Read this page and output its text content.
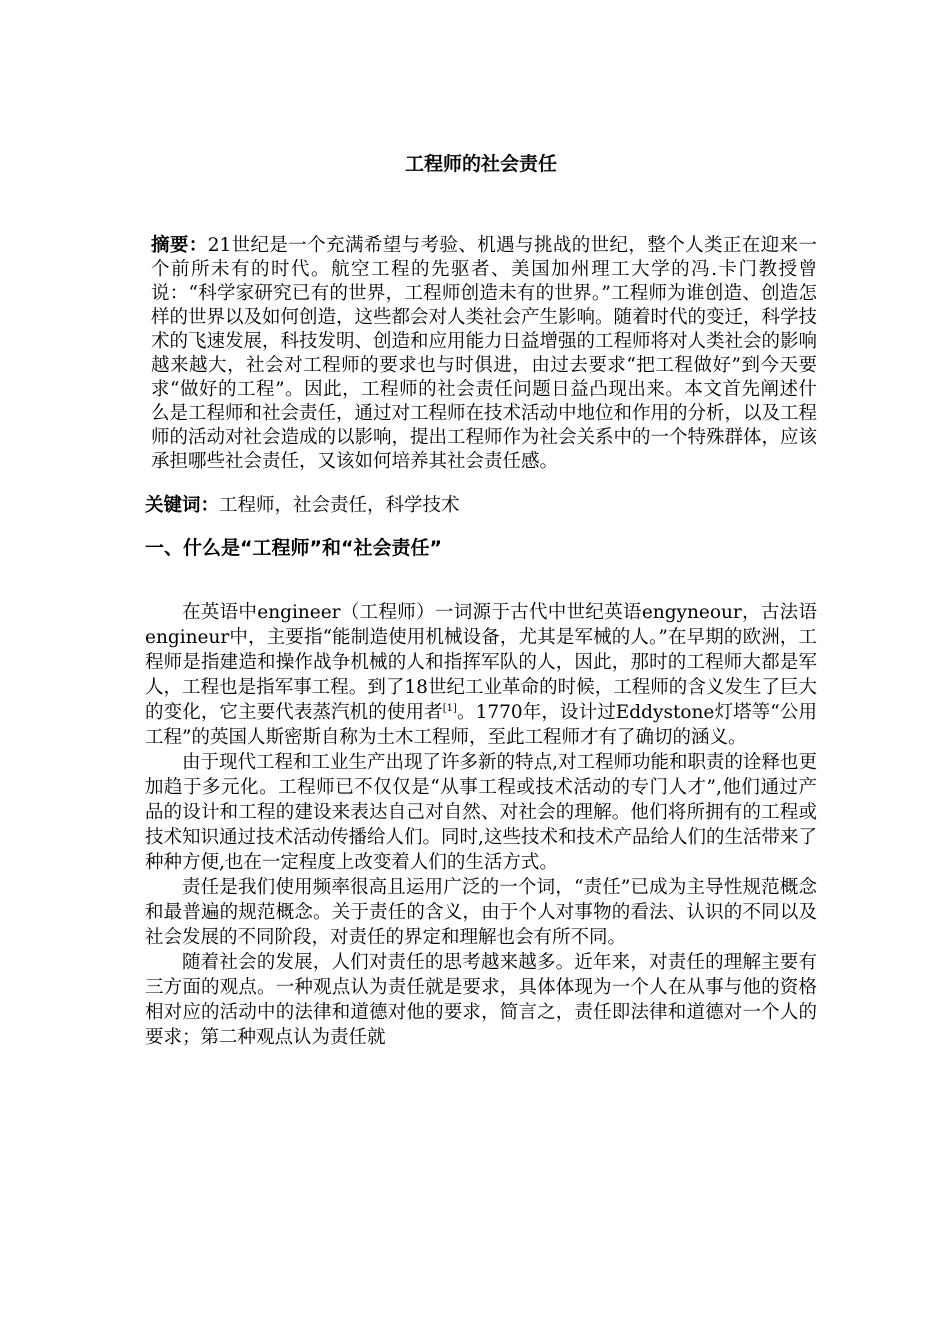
工程师的社会责任

摘要：21世纪是一个充满希望与考验、机遇与挑战的世纪，整个人类正在迎来一个前所未有的时代。航空工程的先驱者、美国加州理工大学的冯.卡门教授曾说：“科学家研究已有的世界，工程师创造未有的世界。”工程师为谁创造、创造怎样的世界以及如何创造，这些都会对人类社会产生影响。随着时代的变迁，科学技术的飞速发展，科技发明、创造和应用能力日益增强的工程师将对人类社会的影响越来越大，社会对工程师的要求也与时俱进，由过去要求“把工程做好”到今天要求“做好的工程”。因此，工程师的社会责任问题日益凸现出来。本文首先阐述什么是工程师和社会责任，通过对工程师在技术活动中地位和作用的分析，以及工程师的活动对社会造成的以影响，提出工程师作为社会关系中的一个特殊群体，应该承担哪些社会责任，又该如何培养其社会责任感。

关键词：工程师，社会责任，科学技术

一、什么是“工程师”和“社会责任”

在英语中engineer（工程师）一词源于古代中世纪英语engyneour，古法语engineur中，主要指“能制造使用机械设备，尤其是军械的人。”在早期的欧洲，工程师是指建造和操作战争机械的人和指挥军队的人，因此，那时的工程师大都是军人，工程也是指军事工程。到了18世纪工业革命的时候，工程师的含义发生了巨大的变化，它主要代表蒸汽机的使用者[1]。1770年，设计过Eddystone灯塔等“公用工程”的英国人斯密斯自称为土木工程师，至此工程师才有了确切的涵义。

由于现代工程和工业生产出现了许多新的特点,对工程师功能和职责的诠释也更加趋于多元化。工程师已不仅仅是“从事工程或技术活动的专门人才”,他们通过产品的设计和工程的建设来表达自己对自然、对社会的理解。他们将所拥有的工程或技术知识通过技术活动传播给人们。同时,这些技术和技术产品给人们的生活带来了种种方便,也在一定程度上改变着人们的生活方式。

责任是我们使用频率很高且运用广泛的一个词，“责任”已成为主导性规范概念和最普遍的规范概念。关于责任的含义，由于个人对事物的看法、认识的不同以及社会发展的不同阶段，对责任的界定和理解也会有所不同。

随着社会的发展，人们对责任的思考越来越多。近年来，对责任的理解主要有三方面的观点。一种观点认为责任就是要求，具体体现为一个人在从事与他的资格相对应的活动中的法律和道德对他的要求，简言之，责任即法律和道德对一个人的要求；第二种观点认为责任就
